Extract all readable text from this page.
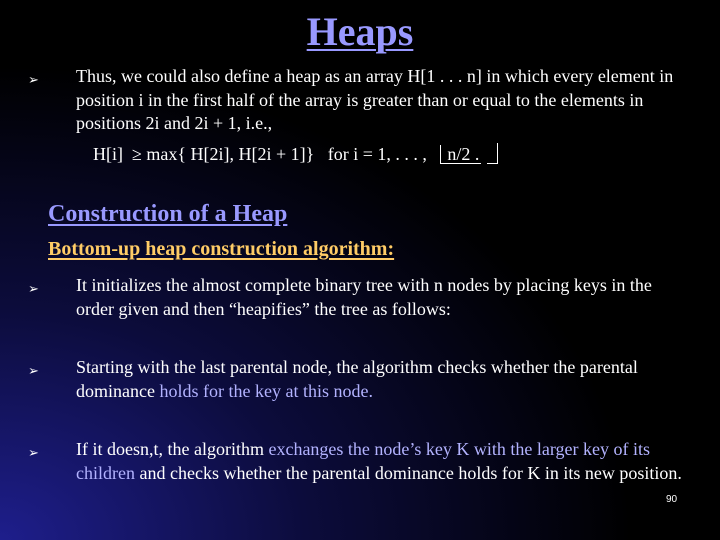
Heaps
➢	Thus, we could also define a heap as an array H[1 . . . n] in which every element in position i in the first half of the array is greater than or equal to the elements in positions 2i and 2i + 1, i.e.,
H[i]  ≥ max{ H[2i], H[2i + 1]}   for i = 1, . . . , n/2 .
Construction of a Heap
Bottom-up heap construction algorithm:
➢	It initializes the almost complete binary tree with n nodes by placing keys in the order given and then “heapifies” the tree as follows:
➢	Starting with the last parental node, the algorithm checks whether the parental dominance holds for the key at this node.
➢	If it doesn,t, the algorithm exchanges the node’s key K with the larger key of its children and checks whether the parental dominance holds for K in its new position.
90
